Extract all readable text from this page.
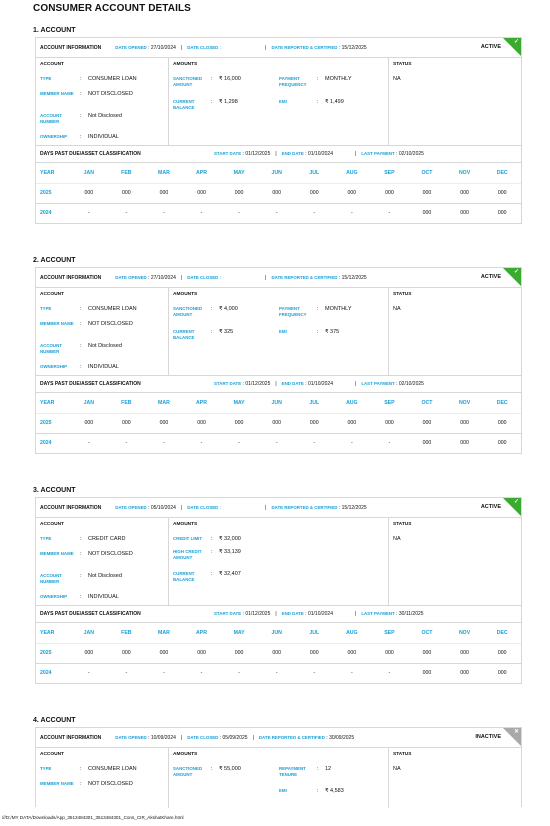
CONSUMER ACCOUNT DETAILS
1. ACCOUNT
ACCOUNT INFORMATION	DATE OPENED
: 27/10/2024 | DATE CLOSED
:	| DATE REPORTED & CERTIFIED
: 15/12/2025	ACTIVE
✓
ACCOUNT
TYPE	:	CONSUMER LOAN
MEMBER NAME	:	NOT DISCLOSED
ACCOUNT NUMBER
:	Not Disclosed
OWNERSHIP	:	INDIVIDUAL
AMOUNTS
SANCTIONED AMOUNT
:	₹ 16,000
CURRENT BALANCE
:	₹ 1,298
PAYMENT FREQUENCY
:	MONTHLY
EMI	:	₹ 1,499
STATUS
NA
DAYS PAST DUE/ASSET CLASSIFICATION	START DATE
: 01/12/2025 | END DATE
: 01/10/2024	| LAST PAYMENT
: 02/10/2025
YEAR	JAN	FEB	MAR	APR	MAY	JUN	JUL	AUG	SEP	OCT	NOV	DEC
2025	000	000	000	000	000	000	000	000	000	000	000	000
2024	-	-	-	-	-	-	-	-	-	000	000	000
2. ACCOUNT
ACCOUNT INFORMATION	DATE OPENED
: 27/10/2024 | DATE CLOSED
:	| DATE REPORTED & CERTIFIED
: 15/12/2025	ACTIVE
✓
ACCOUNT
TYPE	:	CONSUMER LOAN
MEMBER NAME	:	NOT DISCLOSED
ACCOUNT NUMBER
:	Not Disclosed
OWNERSHIP	:	INDIVIDUAL
AMOUNTS
SANCTIONED AMOUNT
:	₹ 4,000
CURRENT BALANCE
:	₹ 325
PAYMENT FREQUENCY
:	MONTHLY
EMI	:	₹ 375
STATUS
NA
DAYS PAST DUE/ASSET CLASSIFICATION	START DATE
: 01/12/2025 | END DATE
: 01/10/2024	| LAST PAYMENT
: 02/10/2025
YEAR	JAN	FEB	MAR	APR	MAY	JUN	JUL	AUG	SEP	OCT	NOV	DEC
2025	000	000	000	000	000	000	000	000	000	000	000	000
2024	-	-	-	-	-	-	-	-	-	000	000	000
3. ACCOUNT
ACCOUNT INFORMATION	DATE OPENED
: 05/10/2024 | DATE CLOSED
:	| DATE REPORTED & CERTIFIED
: 15/12/2025	ACTIVE
✓
ACCOUNT
TYPE	:	CREDIT CARD
MEMBER NAME	:	NOT DISCLOSED
ACCOUNT NUMBER
:	Not Disclosed
OWNERSHIP	:	INDIVIDUAL
AMOUNTS
CREDIT LIMIT	:	₹ 32,000
HIGH CREDIT AMOUNT
:	₹ 33,139
CURRENT BALANCE
:	₹ 32,407
STATUS
NA
DAYS PAST DUE/ASSET CLASSIFICATION	START DATE
: 01/12/2025 | END DATE
: 01/10/2024	| LAST PAYMENT
: 30/11/2025
YEAR	JAN	FEB	MAR	APR	MAY	JUN	JUL	AUG	SEP	OCT	NOV	DEC
2025	000	000	000	000	000	000	000	000	000	000	000	000
2024	-	-	-	-	-	-	-	-	-	000	000	000
4. ACCOUNT
ACCOUNT INFORMATION	DATE OPENED
: 10/09/2024 | DATE CLOSED
: 05/09/2025 | DATE REPORTED & CERTIFIED
: 30/09/2025	INACTIVE
✕
ACCOUNT
TYPE	:	CONSUMER LOAN
MEMBER NAME	:	NOT DISCLOSED
AMOUNTS
SANCTIONED AMOUNT
:	₹ 55,000	REPAYMENT TENURE
:	12
EMI	:	₹ 4,583
STATUS
NA
///D:/MY DATA/Downloads/App_3513484301_3513484301_Cons_CIR_AkshatKhare.html
